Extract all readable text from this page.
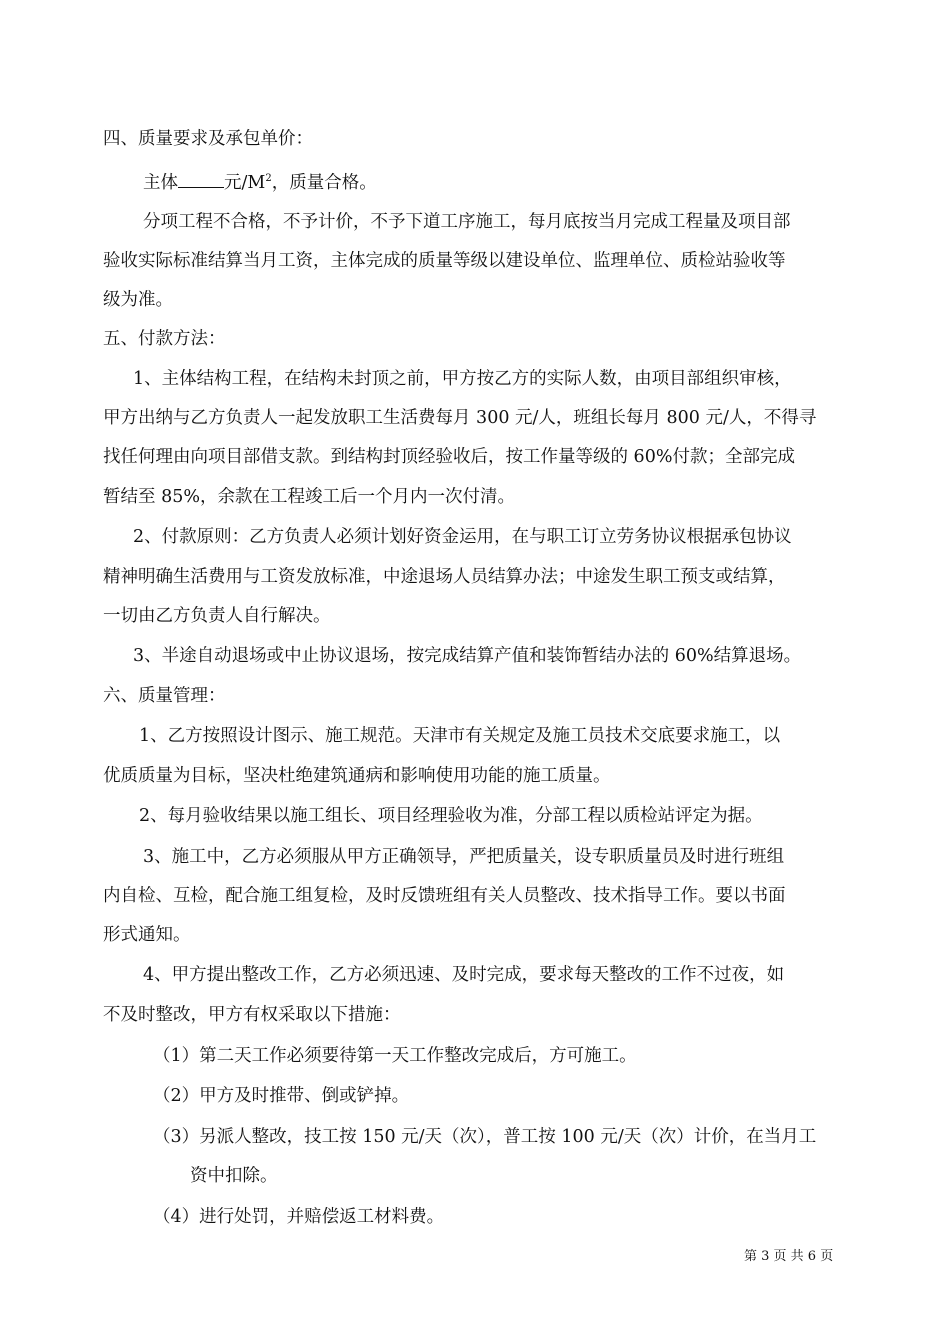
四、质量要求及承包单价：
主体	元$/M^2$，质量合格。
分项工程不合格，不予计价，不予下道工序施工，每月底按当月完成工程量及项目部
验收实际标准结算当月工资，主体完成的质量等级以建设单位、监理单位、质检站验收等
级为准。
五、付款方法：
1、主体结构工程，在结构未封顶之前，甲方按乙方的实际人数，由项目部组织审核，
甲方出纳与乙方负责人一起发放职工生活费每月 300 元/人，班组长每月 800 元/人，不得寻
找任何理由向项目部借支款。到结构封顶经验收后，按工作量等级的 60%付款；全部完成
暂结至 85%，余款在工程竣工后一个月内一次付清。
2、付款原则：乙方负责人必须计划好资金运用，在与职工订立劳务协议根据承包协议
精神明确生活费用与工资发放标准，中途退场人员结算办法；中途发生职工预支或结算，
一切由乙方负责人自行解决。
3、半途自动退场或中止协议退场，按完成结算产值和装饰暂结办法的 60%结算退场。
六、质量管理：
1、乙方按照设计图示、施工规范。天津市有关规定及施工员技术交底要求施工，以
优质质量为目标，坚决杜绝建筑通病和影响使用功能的施工质量。
2、每月验收结果以施工组长、项目经理验收为准，分部工程以质检站评定为据。
3、施工中，乙方必须服从甲方正确领导，严把质量关，设专职质量员及时进行班组
内自检、互检，配合施工组复检，及时反馈班组有关人员整改、技术指导工作。要以书面
形式通知。
4、甲方提出整改工作，乙方必须迅速、及时完成，要求每天整改的工作不过夜，如
不及时整改，甲方有权采取以下措施：
（1）第二天工作必须要待第一天工作整改完成后，方可施工。
（2）甲方及时推带、倒或铲掉。
（3）另派人整改，技工按 150 元/天（次），普工按 100 元/天（次）计价，在当月工
资中扣除。
（4）进行处罚，并赔偿返工材料费。
第 3 页 共 6 页
